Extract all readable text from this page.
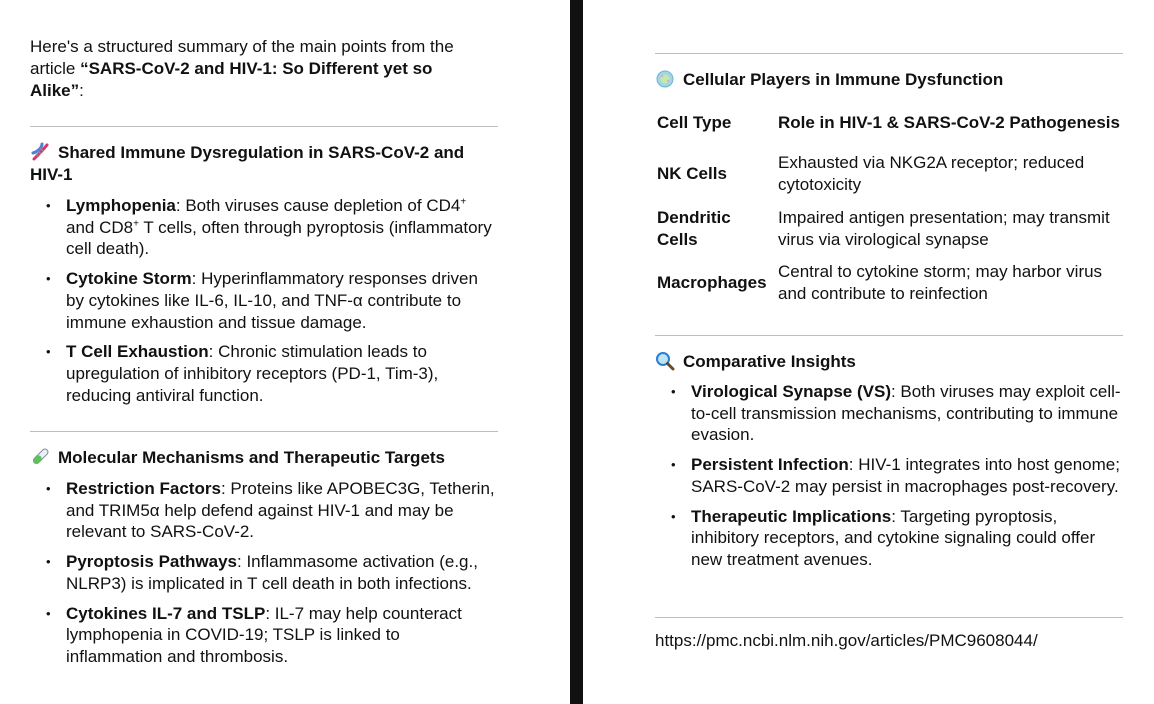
Here's a structured summary of the main points from the article “SARS-CoV-2 and HIV-1: So Different yet so Alike”:

Shared Immune Dysregulation in SARS-CoV-2 and HIV-1
• Lymphopenia: Both viruses cause depletion of CD4+ and CD8+ T cells, often through pyroptosis (inflammatory cell death).
• Cytokine Storm: Hyperinflammatory responses driven by cytokines like IL-6, IL-10, and TNF-α contribute to immune exhaustion and tissue damage.
• T Cell Exhaustion: Chronic stimulation leads to upregulation of inhibitory receptors (PD-1, Tim-3), reducing antiviral function.
Molecular Mechanisms and Therapeutic Targets
• Restriction Factors: Proteins like APOBEC3G, Tetherin, and TRIM5α help defend against HIV-1 and may be relevant to SARS-CoV-2.
• Pyroptosis Pathways: Inflammasome activation (e.g., NLRP3) is implicated in T cell death in both infections.
• Cytokines IL-7 and TSLP: IL-7 may help counteract lymphopenia in COVID-19; TSLP is linked to inflammation and thrombosis.
Cellular Players in Immune Dysfunction
Cell Type	Role in HIV-1 & SARS-CoV-2 Pathogenesis
NK Cells	Exhausted via NKG2A receptor; reduced cytotoxicity
Dendritic Cells	Impaired antigen presentation; may transmit virus via virological synapse
Macrophages	Central to cytokine storm; may harbor virus and contribute to reinfection
Comparative Insights
• Virological Synapse (VS): Both viruses may exploit cell-to-cell transmission mechanisms, contributing to immune evasion.
• Persistent Infection: HIV-1 integrates into host genome; SARS-CoV-2 may persist in macrophages post-recovery.
• Therapeutic Implications: Targeting pyroptosis, inhibitory receptors, and cytokine signaling could offer new treatment avenues.
https://pmc.ncbi.nlm.nih.gov/articles/PMC9608044/
